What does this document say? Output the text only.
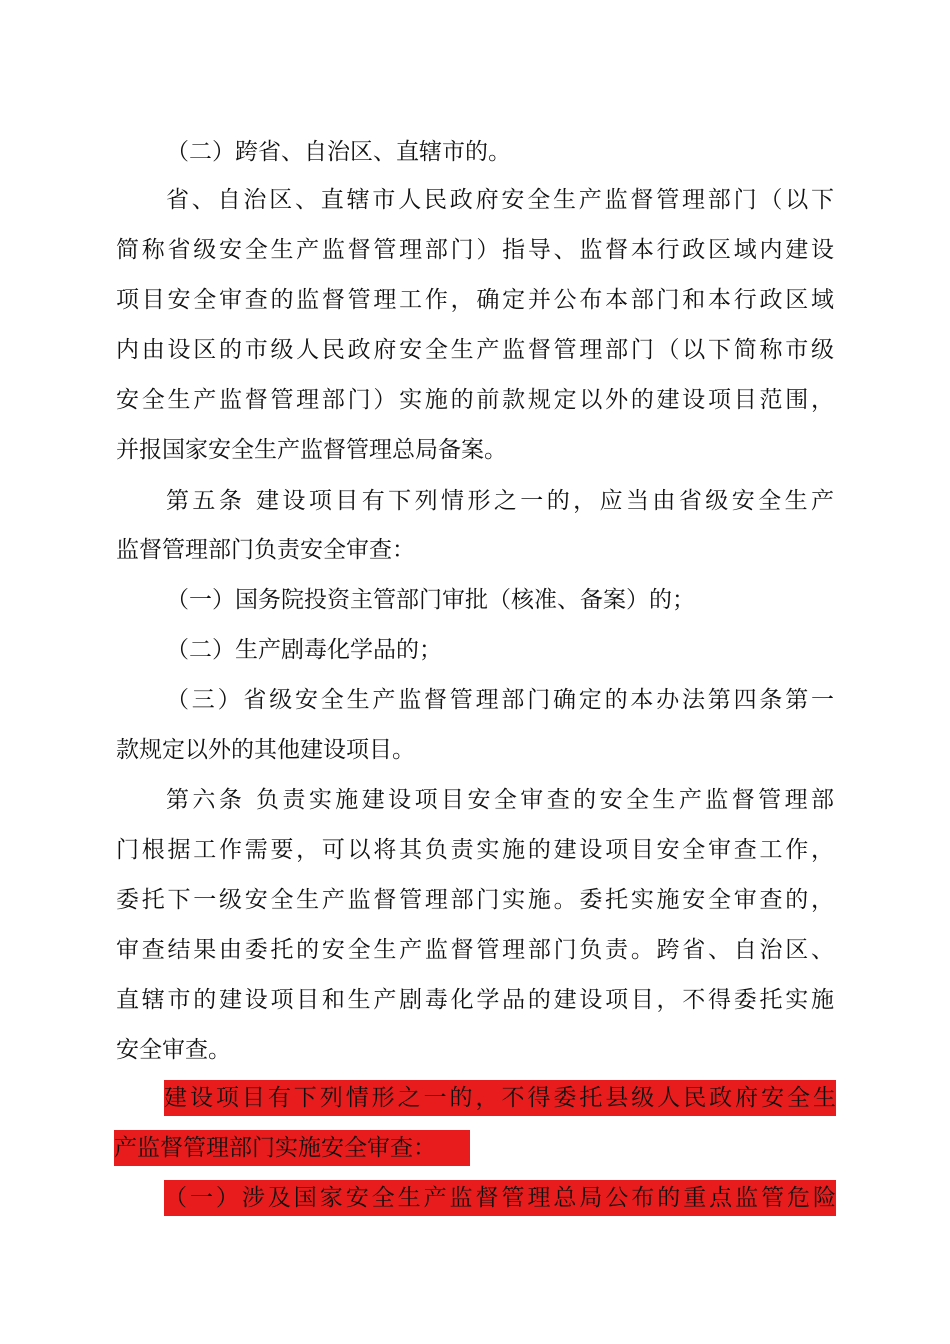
（二）跨省、自治区、直辖市的。
省、自治区、直辖市人民政府安全生产监督管理部门（以下
简称省级安全生产监督管理部门）指导、监督本行政区域内建设
项目安全审查的监督管理工作，确定并公布本部门和本行政区域
内由设区的市级人民政府安全生产监督管理部门（以下简称市级
安全生产监督管理部门）实施的前款规定以外的建设项目范围，
并报国家安全生产监督管理总局备案。
第五条 建设项目有下列情形之一的，应当由省级安全生产
监督管理部门负责安全审查：
（一）国务院投资主管部门审批（核准、备案）的；
（二）生产剧毒化学品的；
（三）省级安全生产监督管理部门确定的本办法第四条第一
款规定以外的其他建设项目。
第六条 负责实施建设项目安全审查的安全生产监督管理部
门根据工作需要，可以将其负责实施的建设项目安全审查工作，
委托下一级安全生产监督管理部门实施。委托实施安全审查的，
审查结果由委托的安全生产监督管理部门负责。跨省、自治区、
直辖市的建设项目和生产剧毒化学品的建设项目，不得委托实施
安全审查。
建设项目有下列情形之一的，不得委托县级人民政府安全生
产监督管理部门实施安全审查：
（一）涉及国家安全生产监督管理总局公布的重点监管危险
